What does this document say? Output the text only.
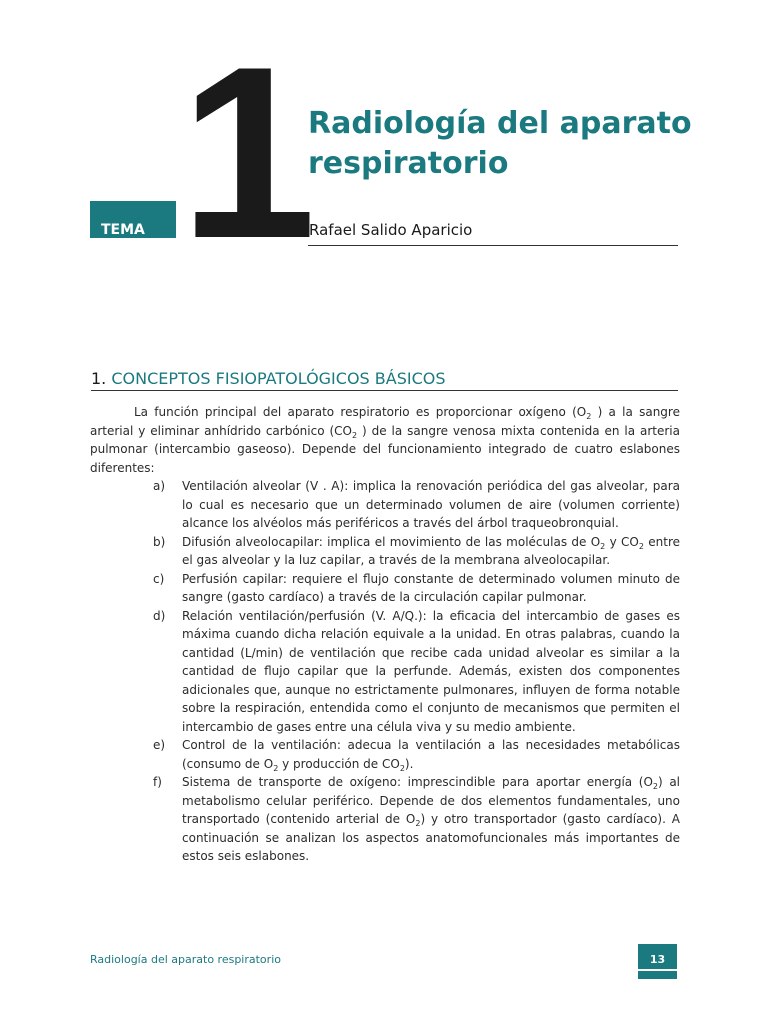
TEMA 1
Radiología del aparato respiratorio
Rafael Salido Aparicio
1. CONCEPTOS FISIOPATOLÓGICOS BÁSICOS

La función principal del aparato respiratorio es proporcionar oxígeno ($O_2$ ) a la sangre arterial y eliminar anhídrido carbónico ($CO_2$ ) de la sangre venosa mixta contenida en la arteria pulmonar (intercambio gaseoso). Depende del funcionamiento integrado de cuatro eslabones diferentes:

a) Ventilación alveolar (V . A): implica la renovación periódica del gas alveolar, para lo cual es necesario que un determinado volumen de aire (volumen corriente) alcance los alvéolos más periféricos a través del árbol traqueobronquial.
b) Difusión alveolocapilar: implica el movimiento de las moléculas de $O_2$ y $CO_2$ entre el gas alveolar y la luz capilar, a través de la membrana alveolocapilar.
c) Perfusión capilar: requiere el flujo constante de determinado volumen minuto de sangre (gasto cardíaco) a través de la circulación capilar pulmonar.
d) Relación ventilación/perfusión (V. A/Q.): la eficacia del intercambio de gases es máxima cuando dicha relación equivale a la unidad. En otras palabras, cuando la cantidad (L/min) de ventilación que recibe cada unidad alveolar es similar a la cantidad de flujo capilar que la perfunde. Además, existen dos componentes adicionales que, aunque no estrictamente pulmonares, influyen de forma notable sobre la respiración, entendida como el conjunto de mecanismos que permiten el intercambio de gases entre una célula viva y su medio ambiente.
e) Control de la ventilación: adecua la ventilación a las necesidades metabólicas (consumo de $O_2$ y producción de $CO_2$).
f) Sistema de transporte de oxígeno: imprescindible para aportar energía $(O_2)$ al metabolismo celular periférico. Depende de dos elementos fundamentales, uno transportado (contenido arterial de $O_2$) y otro transportador (gasto cardíaco). A continuación se analizan los aspectos anatomofuncionales más importantes de estos seis eslabones.
Radiología del aparato respiratorio	13
